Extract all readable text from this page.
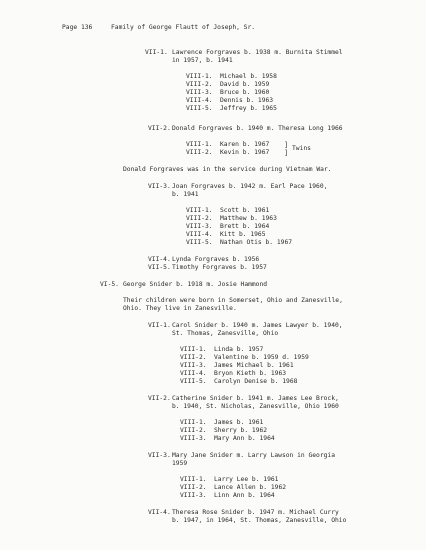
Page 136	Family of George Flautt of Joseph, Sr.
VII-1. Lawrence Forgraves b. 1938 m. Burnita Stimmel
in 1957, b. 1941
VIII-1. Michael b. 1958
VIII-2. David b. 1959
VIII-3. Bruce b. 1960
VIII-4. Dennis b. 1963
VIII-5. Jeffrey b. 1965
VII-2. Donald Forgraves b. 1940 m. Theresa Long 1966
VIII-1. Karen b. 1967
VIII-2. Kevin b. 1967
]
]
Twins
Donald Forgraves was in the service during Vietnam War.
VII-3. Joan Forgraves b. 1942 m. Earl Pace 1960,
b. 1941
VIII-1. Scott b. 1961
VIII-2. Matthew b. 1963
VIII-3. Brett b. 1964
VIII-4. Kitt b. 1965
VIII-5. Nathan Otis b. 1967
VII-4. Lynda Forgraves b. 1956
VII-5. Timothy Forgraves b. 1957
VI-5. George Snider b. 1918 m. Josie Hammond
Their children were born in Somerset, Ohio and Zanesville,
Ohio. They live in Zanesville.
VII-1. Carol Snider b. 1940 m. James Lawyer b. 1940,
St. Thomas, Zanesville, Ohio
VIII-1. Linda b. 1957
VIII-2. Valentine b. 1959 d. 1959
VIII-3. James Michael b. 1961
VIII-4. Bryon Kieth b. 1963
VIII-5. Carolyn Denise b. 1968
VII-2. Catherine Snider b. 1941 m. James Lee Brock,
b. 1940, St. Nicholas, Zanesville, Ohio 1960
VIII-1. James b. 1961
VIII-2. Sherry b. 1962
VIII-3. Mary Ann b. 1964
VII-3. Mary Jane Snider m. Larry Lawson in Georgia
1959
VIII-1. Larry Lee b. 1961
VIII-2. Lance Allen b. 1962
VIII-3. Linn Ann b. 1964
VII-4. Theresa Rose Snider b. 1947 m. Michael Curry
b. 1947, in 1964, St. Thomas, Zanesville, Ohio
